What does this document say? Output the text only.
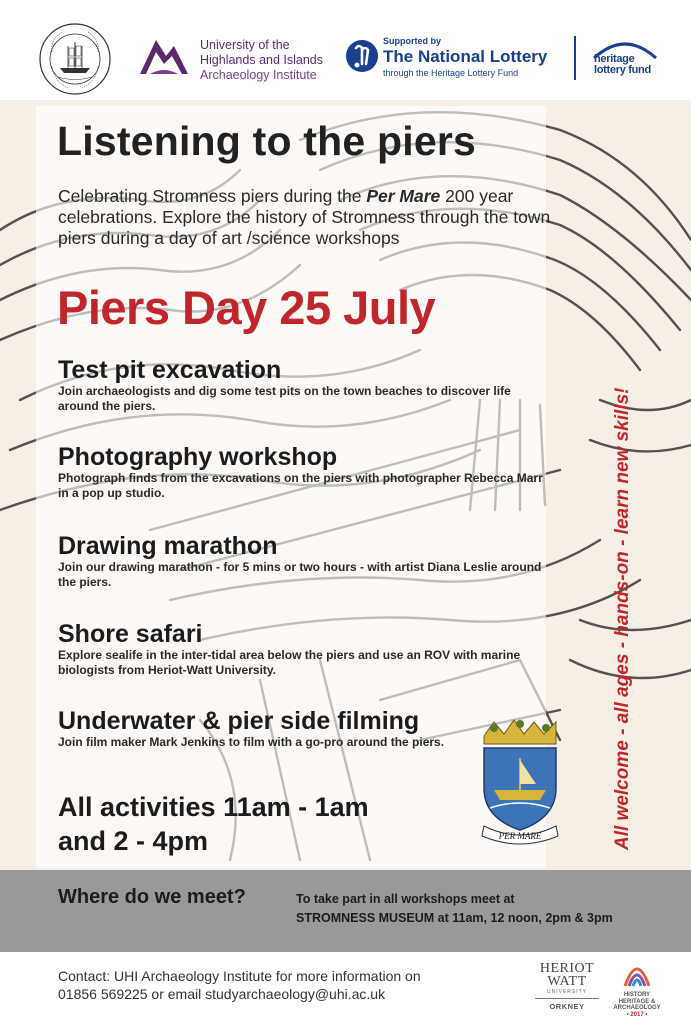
University of the
Highlands and Islands
Archaeology Institute
Supported by
The National Lottery
through the Heritage Lottery Fund
heritage
lottery fund
Listening to the piers
Celebrating Stromness piers during the Per Mare 200 year celebrations. Explore the history of Stromness through the town piers during a day of art /science workshops
Piers Day 25 July
Test pit excavation
Join archaeologists and dig some test pits on the town beaches to discover life around the piers.
Photography workshop
Photograph finds from the excavations on the piers with photographer Rebecca Marr in a pop up studio.
Drawing marathon
Join our drawing marathon - for 5 mins or two hours - with artist Diana Leslie around the piers.
Shore safari
Explore sealife in the inter-tidal area below the piers and use an ROV with marine biologists from Heriot-Watt University.
Underwater & pier side filming
Join film maker Mark Jenkins to film with a go-pro around the piers.
All activities 11am - 1am
and 2 - 4pm	PER MARE	All welcome - all ages - hands-on - learn new skills!
Where do we meet?	To take part in all workshops meet at
STROMNESS MUSEUM at 11am, 12 noon, 2pm & 3pm
Contact: UHI Archaeology Institute for more information on
01856 569225 or email studyarchaeology@uhi.ac.uk
HERIOT
WATT
UNIVERSITY
ORKNEY
HISTORY
HERITAGE &
ARCHAEOLOGY
• 2017 •
